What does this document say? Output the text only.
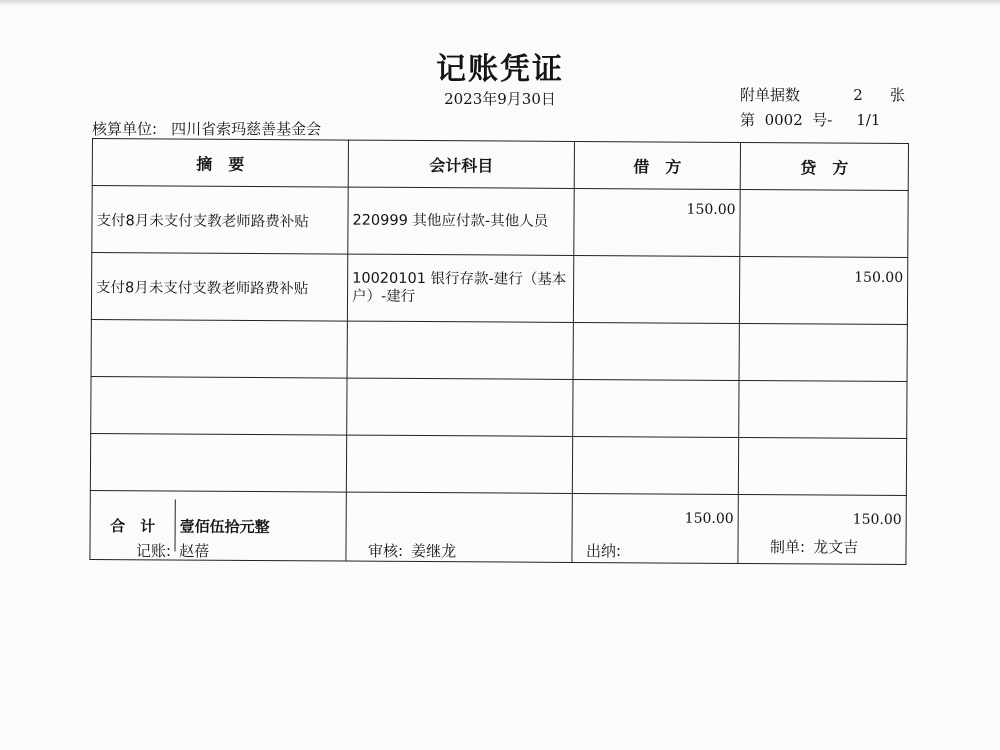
记账凭证
2023年9月30日	附单据数	2 张
第 0002 号- 1/1
核算单位: 四川省索玛慈善基金会
摘　要	会计科目	借　方	贷　方
支付8月未支付支教老师路费补贴	220999 其他应付款-其他人员	150.00	
支付8月未支付支教老师路费补贴	10020101 银行存款-建行（基本户）-建行		150.00

合　计 壹佰伍拾元整		150.00	150.00
记账: 赵蓓	审核: 姜继龙	出纳:	制单: 龙文吉
